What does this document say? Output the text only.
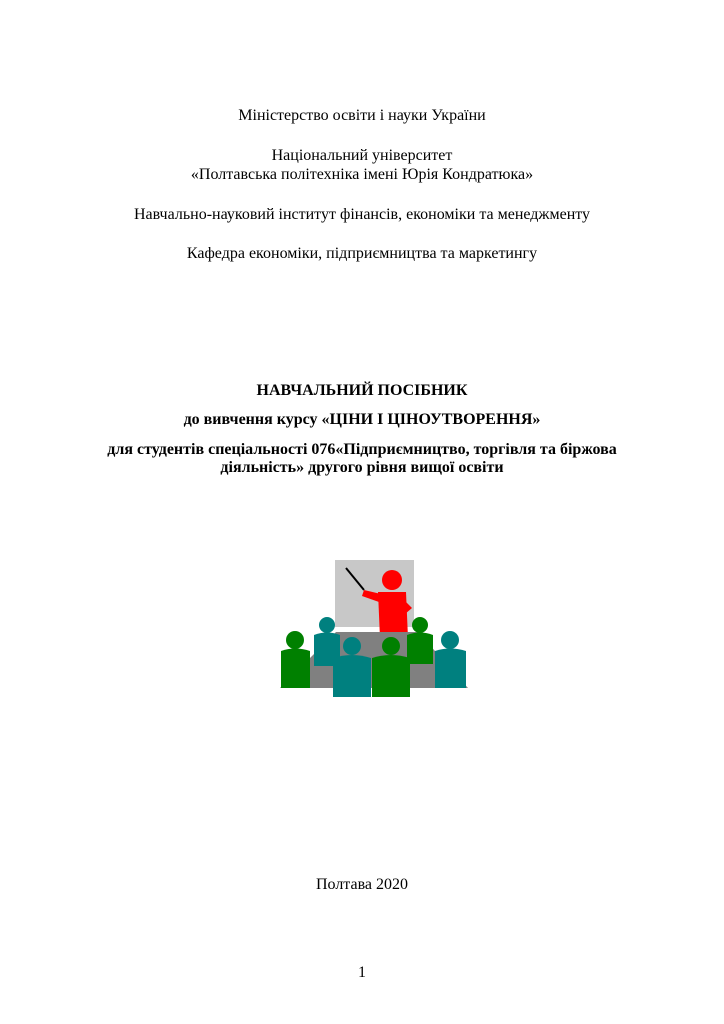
Міністерство освіти і науки України
Національний університет
«Полтавська політехніка імені Юрія Кондратюка»
Навчально-науковий інститут фінансів, економіки та менеджменту
Кафедра економіки, підприємництва та маркетингу
НАВЧАЛЬНИЙ ПОСІБНИК
до вивчення курсу «ЦІНИ І ЦІНОУТВОРЕННЯ»
для студентів спеціальності 076«Підприємництво, торгівля та біржова
діяльність» другого рівня вищої освіти
Полтава 2020
1
